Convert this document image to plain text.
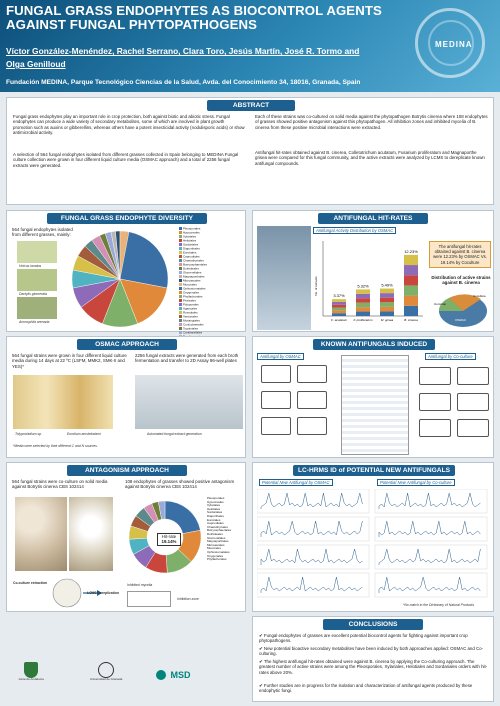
FUNGAL GRASS ENDOPHYTES AS BIOCONTROL AGENTS AGAINST FUNGAL PHYTOPATHOGENS
Víctor González-Menéndez, Rachel Serrano, Clara Toro, Jesús Martín, José R. Tormo and
Olga Genilloud
Fundación MEDINA, Parque Tecnológico Ciencias de la Salud, Avda. del Conocimiento 34, 18016, Granada, Spain
MEDINA
ABSTRACT
Fungal grass endophytes play an important role in crop protection, both against biotic and abiotic stress. Fungal endophytes can produce a wide variety of secondary metabolites, some of which are involved in plant growth promotion such as auxins or gibberellins, whereas others have a potent insecticidal activity (nodulisporic acids) or show antimicrobial activity.
A selection of 564 fungal endophytes isolated from different grasses collected in Spain belonging to MEDINA Fungal culture collection were grown in four different liquid culture media (OSMAC approach) and a total of 2256 fungal extracts were generated.
Each of these strains was co-cultured on solid media against the phytopathogen Botrytis cinerea where 108 endophytes of grasses showed positive antagonism against this phytopathogen. All inhibition zones and inhibited mycelia of B. cinerea from these positive microbial interactions were extracted.
Antifungal hit-rates obtained against B. cinerea, Colletotrichum acutatum, Fusarium proliferatum and Magnaporthe grisea were compared for this fungal community, and the active extracts were analyzed by LCMS to dereplicate known antifungal compounds.
FUNGAL GRASS ENDOPHYTE DIVERSITY
564 fungal endophytes isolated from different grasses, mainly:
Holcus lanatus
Dactylis glomerata
Ammophila arenaria
Pleosporales
Hypocreales
Xylariales
Helotiales
Sordariales
Diaporthales
Eurotiales
Capnodiales
Chaetothyriales
Botryosphaeriales
Dothideales
Glomerellales
Magnaporthales
Microascales
Mucorales
Ophiostomatales
Onygenales
Phyllachorales
Pezizales
Polyporales
Agaricales
Russulales
Venturiales
Myriangiales
Coniochaetales
Togniniales
Cantharellales
ANTIFUNGAL HIT-RATES
Antifungal Activity Distribution by OSMAC
No. of extracts	3.37%
C. acutatum
5.32%
F. proliferatum
5.49%
M. grisea
12.23%
B. cinerea
The antifungal hit-rates obtained against B. cinerea were 12.23% by OSMAC Vs. 19.14% by Coculture
Distribution of active strains against B. cinerea
Coculture
Common
OSMAC
OSMAC APPROACH
564 fungal strains were grown in four different liquid culture media during 14 days at 22 ºC (LSFM, MMK2, SMK-II and YES)*
2256 fungal extracts were generated from each broth fermentation and transfer to 2D Assay 96-well plates
Tolypocladium sp.	Eurotium amstelodami	Automated fungal extract generation
*Media were selected by their different C and N sources.
KNOWN ANTIFUNGALS INDUCED
Antifungal by OSMAC	Antifungal by Co-culture
ANTAGONISM APPROACH
564 fungal strains were co-culture on solid media against Botrytis cinerea CBS 102414
108 endophytes of grasses showed positive antagonism against Botrytis cinerea CBS 102414
Hit-rate
19.14%
Pleosporales
Hypocreales
Xylariales
Helotiales
Sordariales
Diaporthales
Eurotiales
Capnodiales
Chaetothyriales
Botryosphaeriales
Dothideales
Glomerellales
Magnaporthales
Microascales
Mucorales
Ophiostomatales
Onygenales
Phyllachorales
Co-culture extraction
LCMS Dereplication
Inhibited mycelia
Inhibition zone
LC-HRMS ID of POTENTIAL NEW ANTIFUNGALS
Potential New Antifungal by OSMAC	Potential New Antifungal by Co-culture
*No match in the Dictionary of Natural Products
CONCLUSIONS
✔ Fungal endophytes of grasses are excellent potential biocontrol agents for fighting against important crop phytopathogens.
✔ New potential bioactive secondary metabolites have been induced by both approaches applied: OSMAC and Co-culturing.
✔ The highest antifungal hit-rates obtained were against B. cinerea by applying the Co-culturing approach. The greatest number of active strains were among the Pleosporales, Xylariales, Helotiales and Sordariales orders with hit-rates above 20%.
✔ Further studies are in progress for the isolation and characterization of antifungal agents produced by these endophytic fungi.
Junta de Andalucía	Universidad de Granada	MSD
